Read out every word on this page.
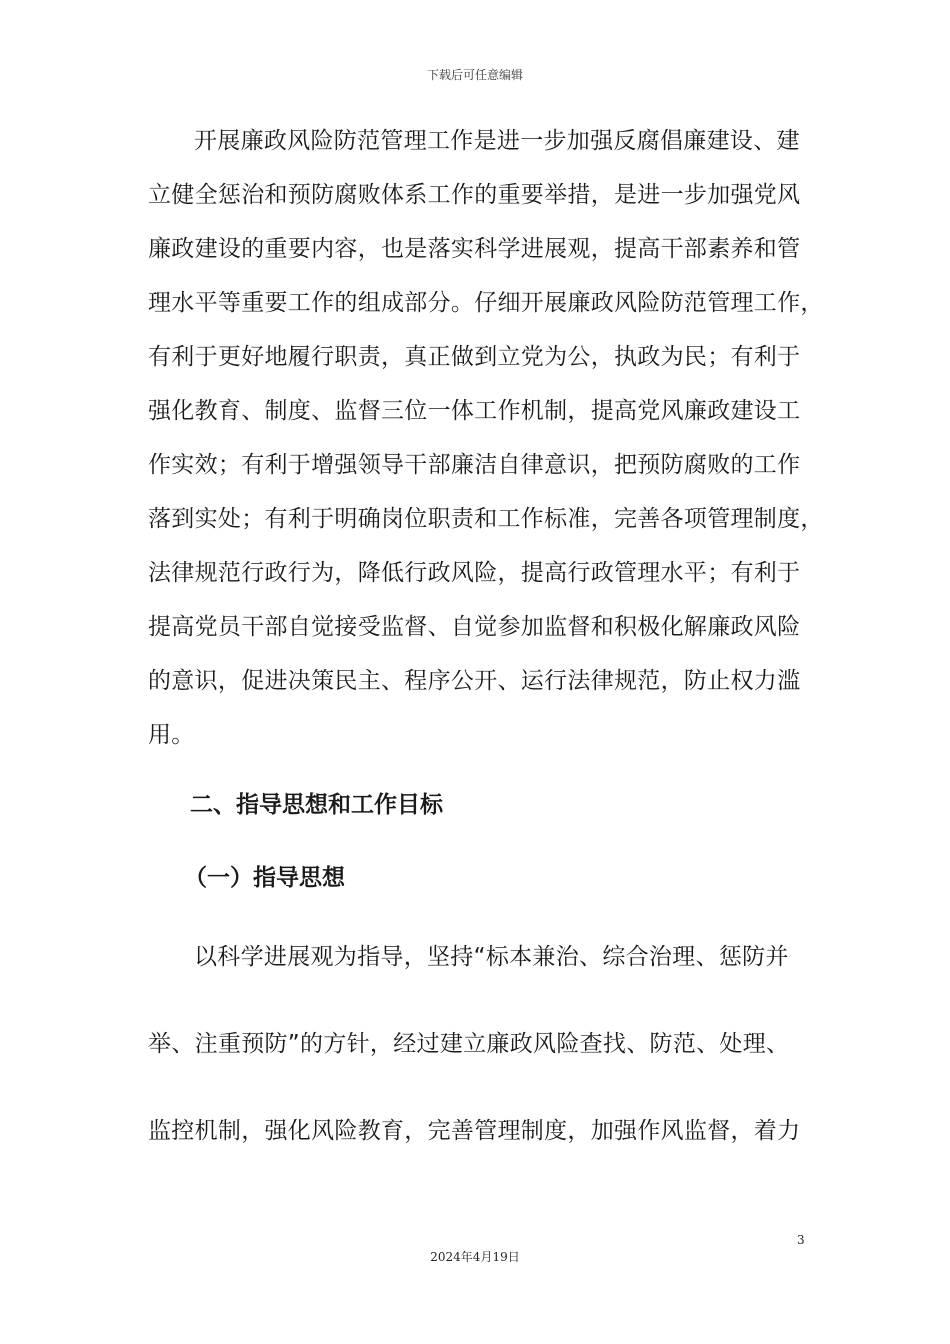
下载后可任意编辑
开展廉政风险防范管理工作是进一步加强反腐倡廉建设、建
立健全惩治和预防腐败体系工作的重要举措，是进一步加强党风
廉政建设的重要内容，也是落实科学进展观，提高干部素养和管
理水平等重要工作的组成部分。仔细开展廉政风险防范管理工作，
有利于更好地履行职责，真正做到立党为公，执政为民；有利于
强化教育、制度、监督三位一体工作机制，提高党风廉政建设工
作实效；有利于增强领导干部廉洁自律意识，把预防腐败的工作
落到实处；有利于明确岗位职责和工作标准，完善各项管理制度，
法律规范行政行为，降低行政风险，提高行政管理水平；有利于
提高党员干部自觉接受监督、自觉参加监督和积极化解廉政风险
的意识，促进决策民主、程序公开、运行法律规范，防止权力滥
用。
二、指导思想和工作目标
（一）指导思想
以科学进展观为指导，坚持“标本兼治、综合治理、惩防并
举、注重预防”的方针，经过建立廉政风险查找、防范、处理、
监控机制，强化风险教育，完善管理制度，加强作风监督，着力
3
2024年4月19日
